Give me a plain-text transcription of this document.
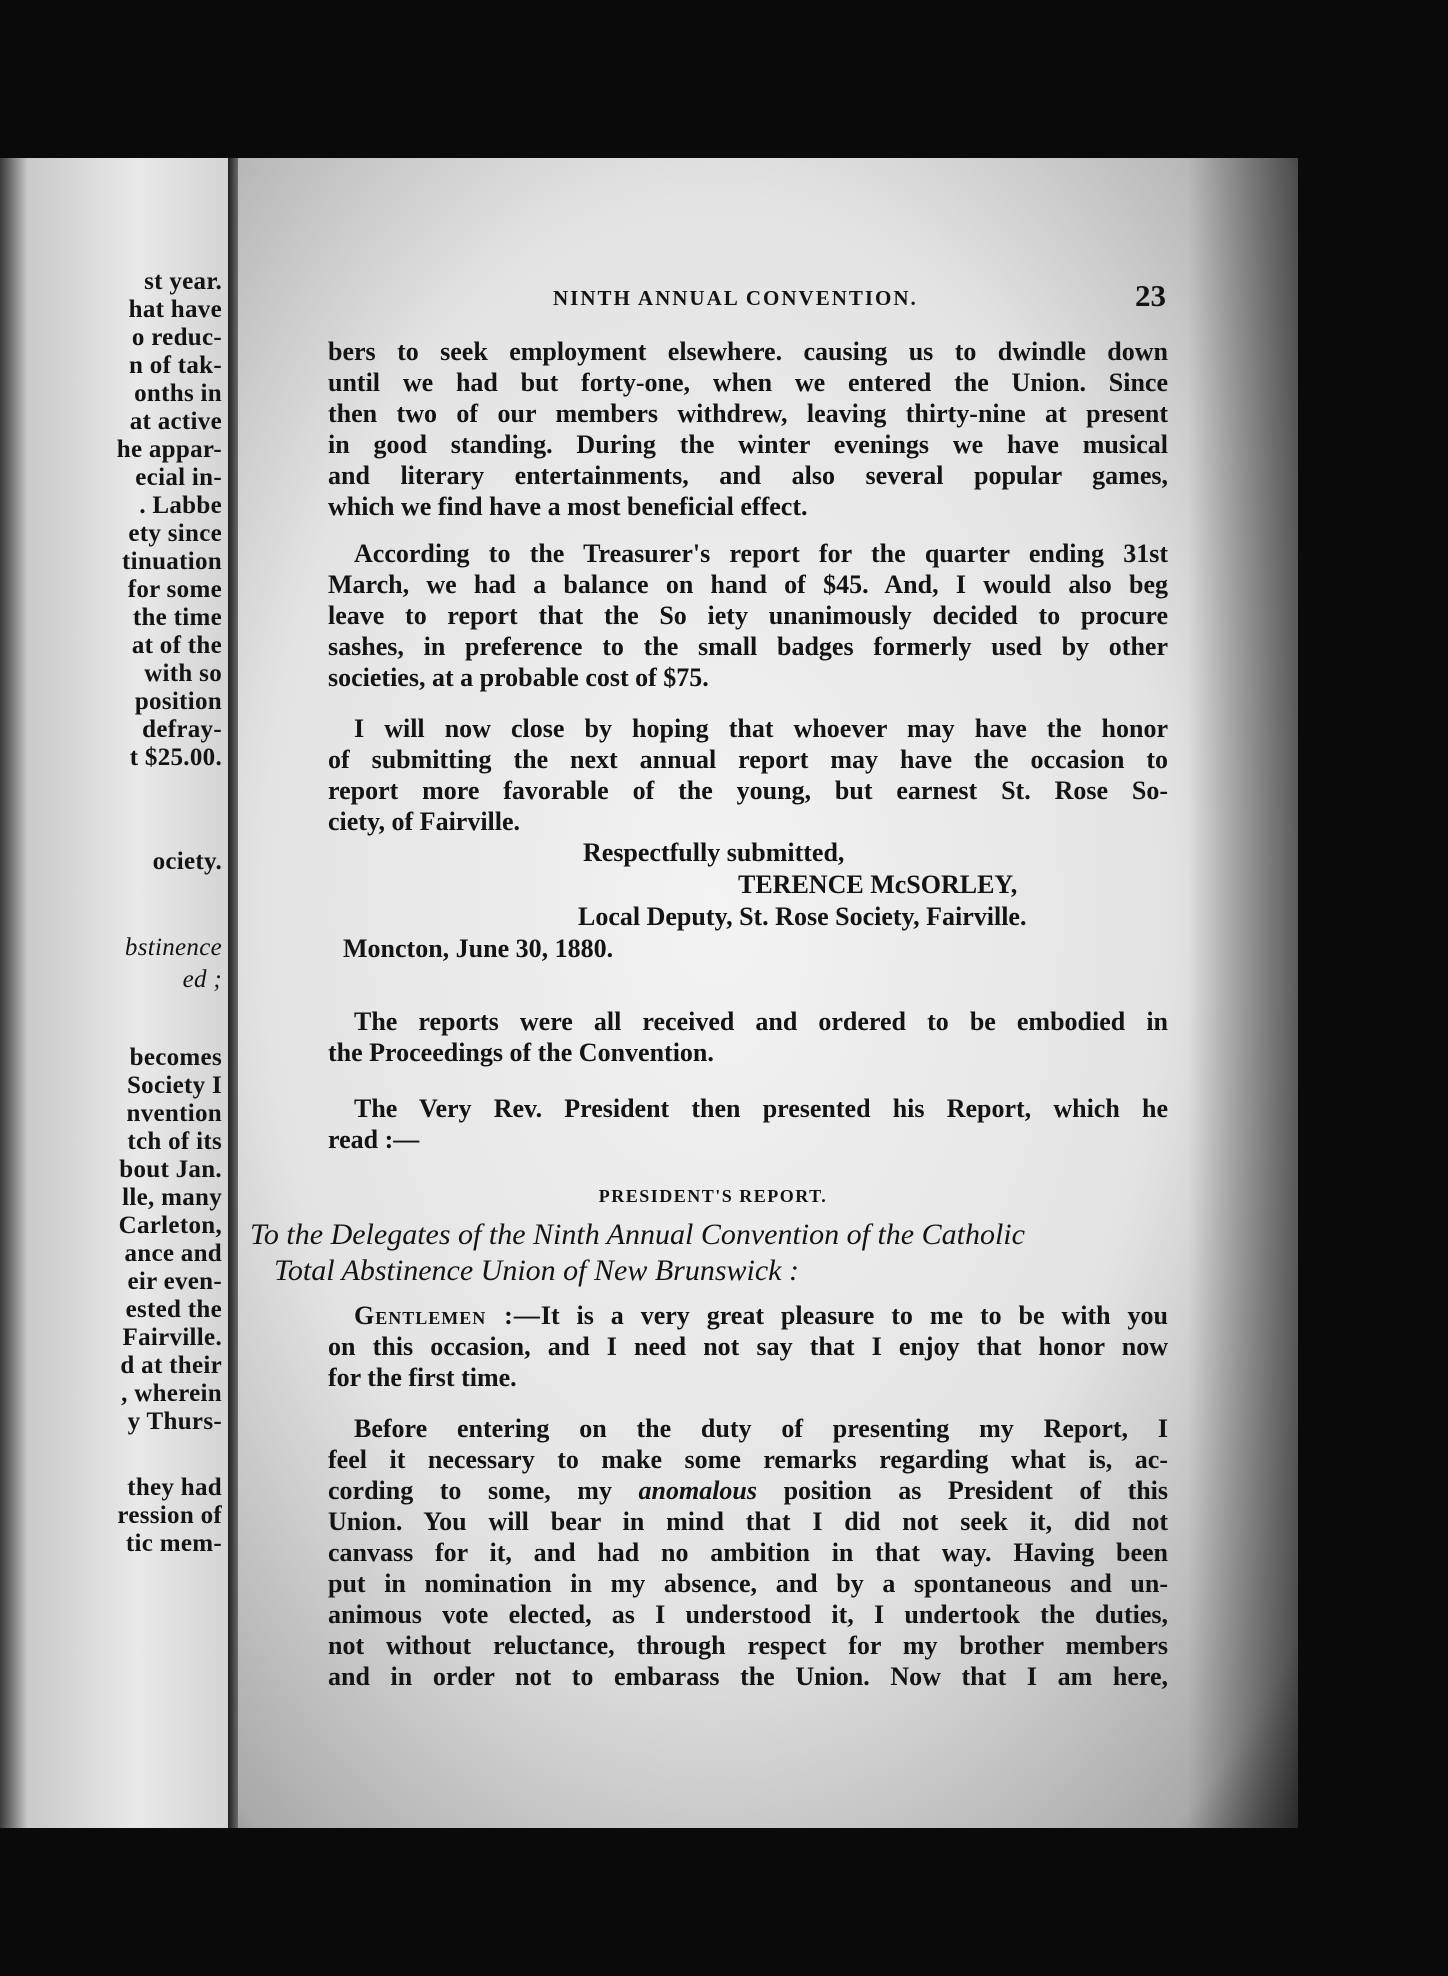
st year.
hat have
o reduc-
n of tak-
onths in
at active
he appar-
ecial in-
. Labbe
ety since
tinuation
for some
the time
at of the
with so
position
defray-
t $25.00.
ociety.
bstinence
ed ;
becomes
Society I
nvention
tch of its
bout Jan.
lle, many
Carleton,
ance and
eir even-
ested the
Fairville.
d at their
, wherein
y Thurs-
they had
ression of
tic mem-
NINTH ANNUAL CONVENTION.	23
bers to seek employment elsewhere. causing us to dwindle down
until we had but forty-one, when we entered the Union. Since
then two of our members withdrew, leaving thirty-nine at present
in good standing. During the winter evenings we have musical
and literary entertainments, and also several popular games,
which we find have a most beneficial effect.
According to the Treasurer's report for the quarter ending 31st
March, we had a balance on hand of $45. And, I would also beg
leave to report that the So iety unanimously decided to procure
sashes, in preference to the small badges formerly used by other
societies, at a probable cost of $75.
I will now close by hoping that whoever may have the honor
of submitting the next annual report may have the occasion to
report more favorable of the young, but earnest St. Rose So-
ciety, of Fairville.
Respectfully submitted,
TERENCE McSORLEY,
Local Deputy, St. Rose Society, Fairville.
Moncton, June 30, 1880.
The reports were all received and ordered to be embodied in
the Proceedings of the Convention.
The Very Rev. President then presented his Report, which he
read :—
PRESIDENT'S REPORT.
To the Delegates of the Ninth Annual Convention of the Catholic
Total Abstinence Union of New Brunswick :
Gentlemen :—It is a very great pleasure to me to be with you
on this occasion, and I need not say that I enjoy that honor now
for the first time.
Before entering on the duty of presenting my Report, I
feel it necessary to make some remarks regarding what is, ac-
cording to some, my anomalous position as President of this
Union. You will bear in mind that I did not seek it, did not
canvass for it, and had no ambition in that way. Having been
put in nomination in my absence, and by a spontaneous and un-
animous vote elected, as I understood it, I undertook the duties,
not without reluctance, through respect for my brother members
and in order not to embarass the Union. Now that I am here,
